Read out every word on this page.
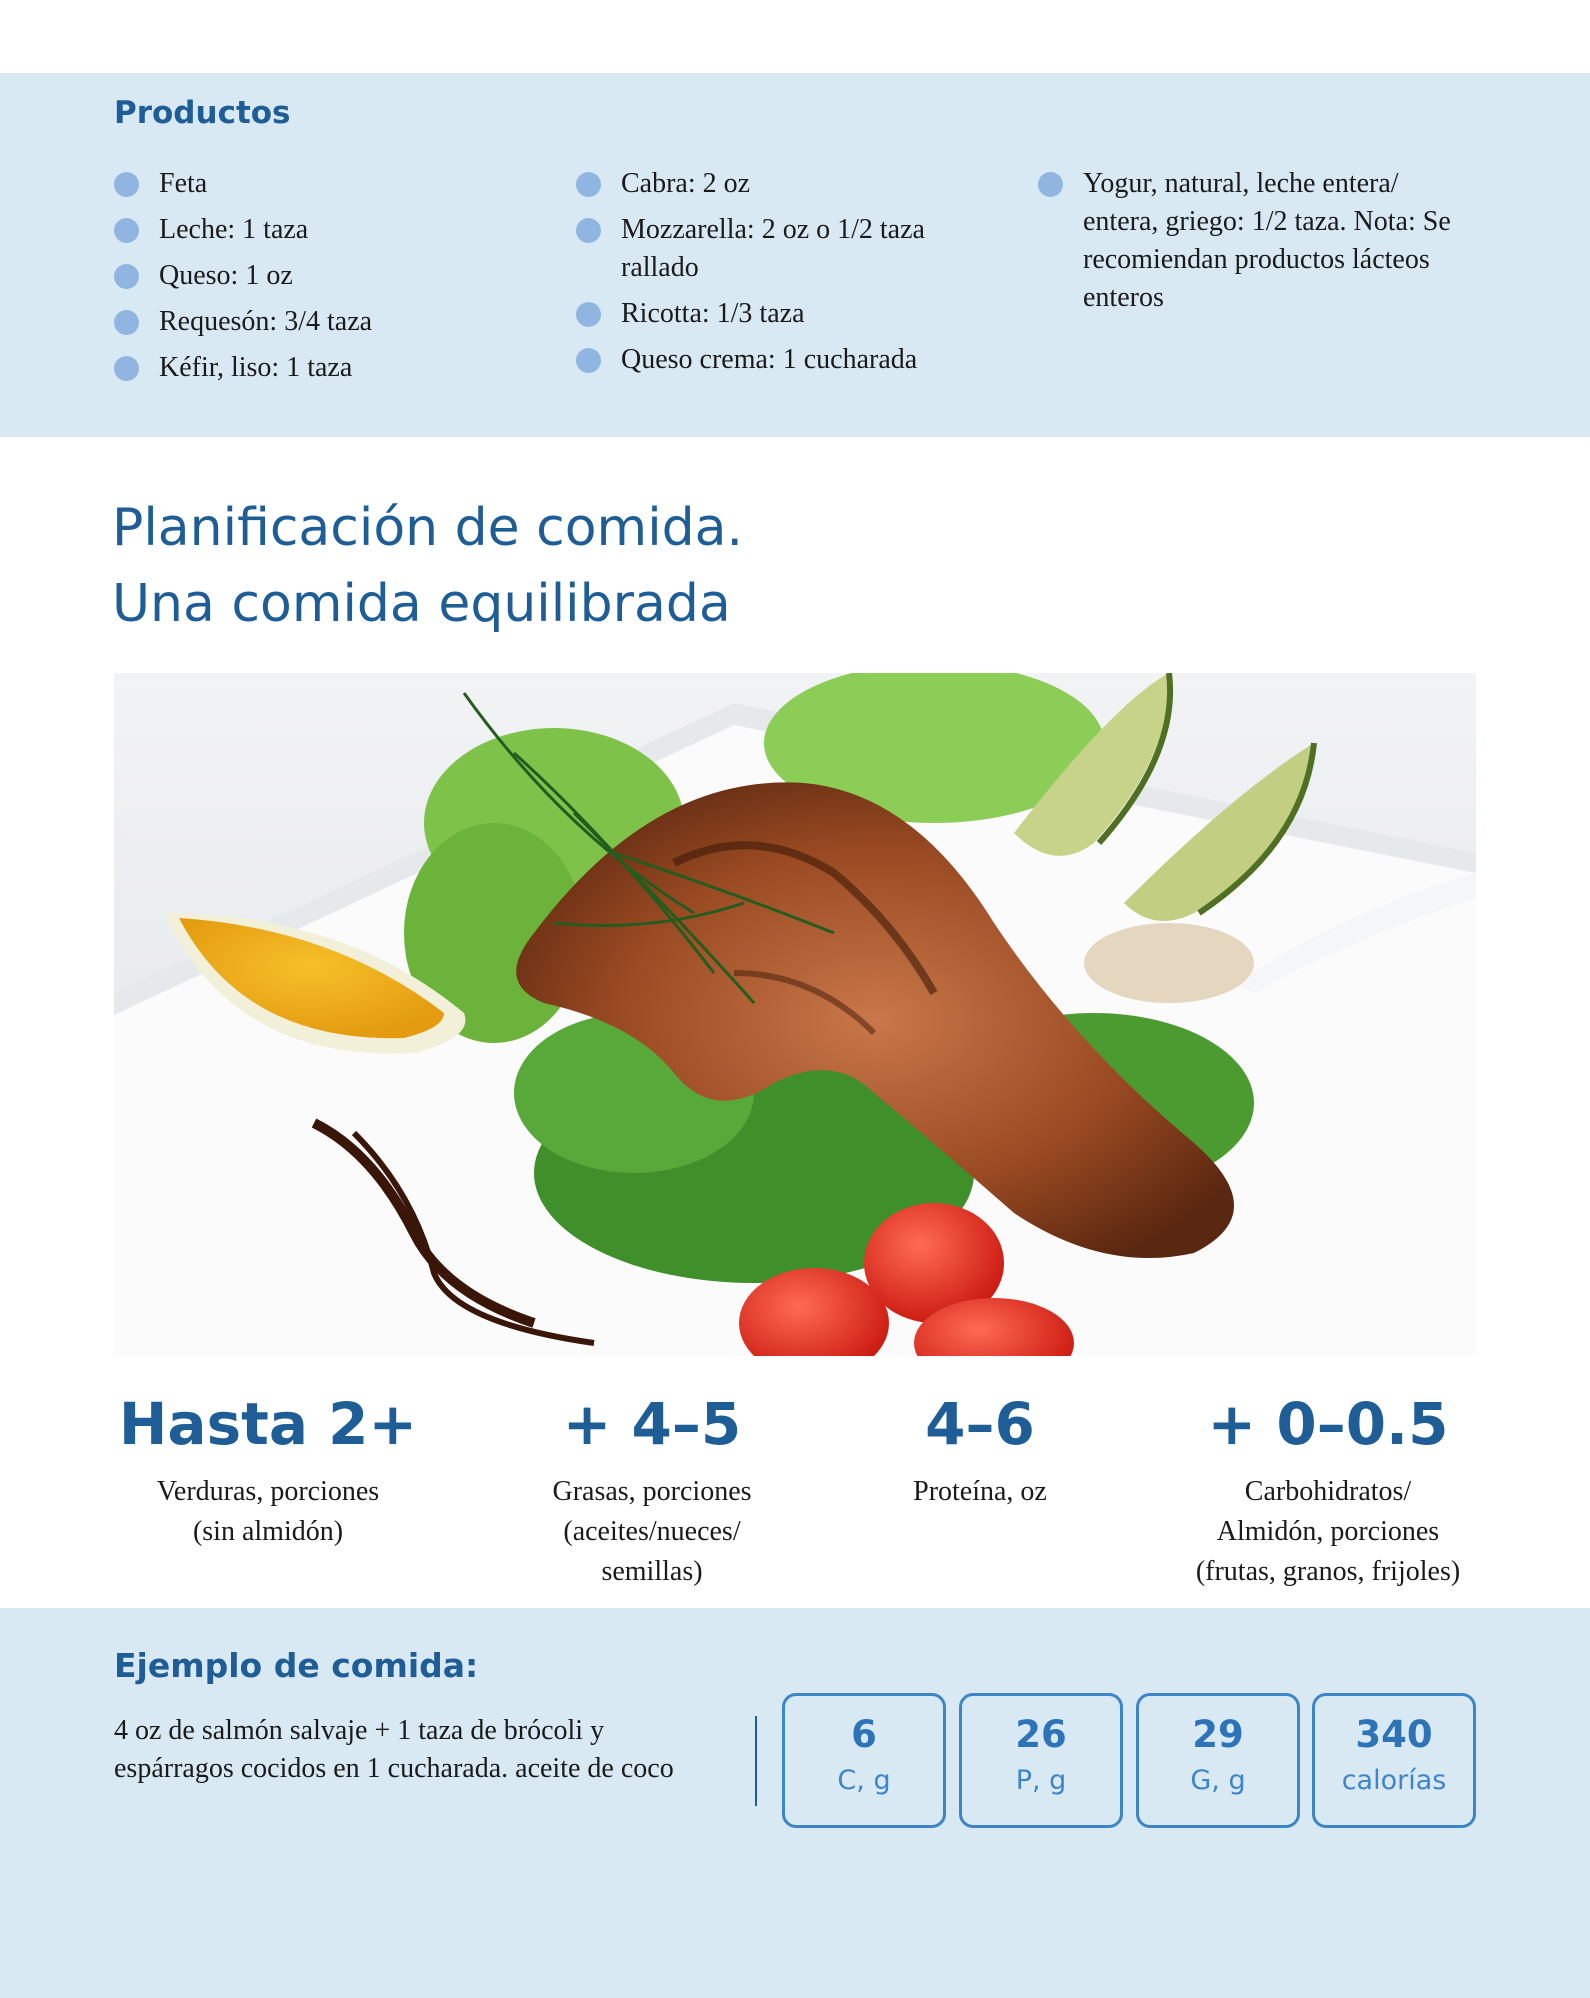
Productos
Feta
Leche: 1 taza
Queso: 1 oz
Requesón: 3/4 taza
Kéfir, liso: 1 taza
Cabra: 2 oz
Mozzarella: 2 oz o 1/2 taza rallado
Ricotta: 1/3 taza
Queso crema: 1 cucharada
Yogur, natural, leche entera/ entera, griego: 1/2 taza. Nota: Se recomiendan productos lácteos enteros
Planificación de comida.
Una comida equilibrada
Hasta 2+
Verduras, porciones
(sin almidón)
+ 4–5
Grasas, porciones
(aceites/nueces/
semillas)
4–6
Proteína, oz
+ 0–0.5
Carbohidratos/
Almidón, porciones
(frutas, granos, frijoles)
Ejemplo de comida:

4 oz de salmón salvaje + 1 taza de brócoli y espárragos cocidos en 1 cucharada. aceite de coco

6
C, g
26
P, g
29
G, g
340
calorías
